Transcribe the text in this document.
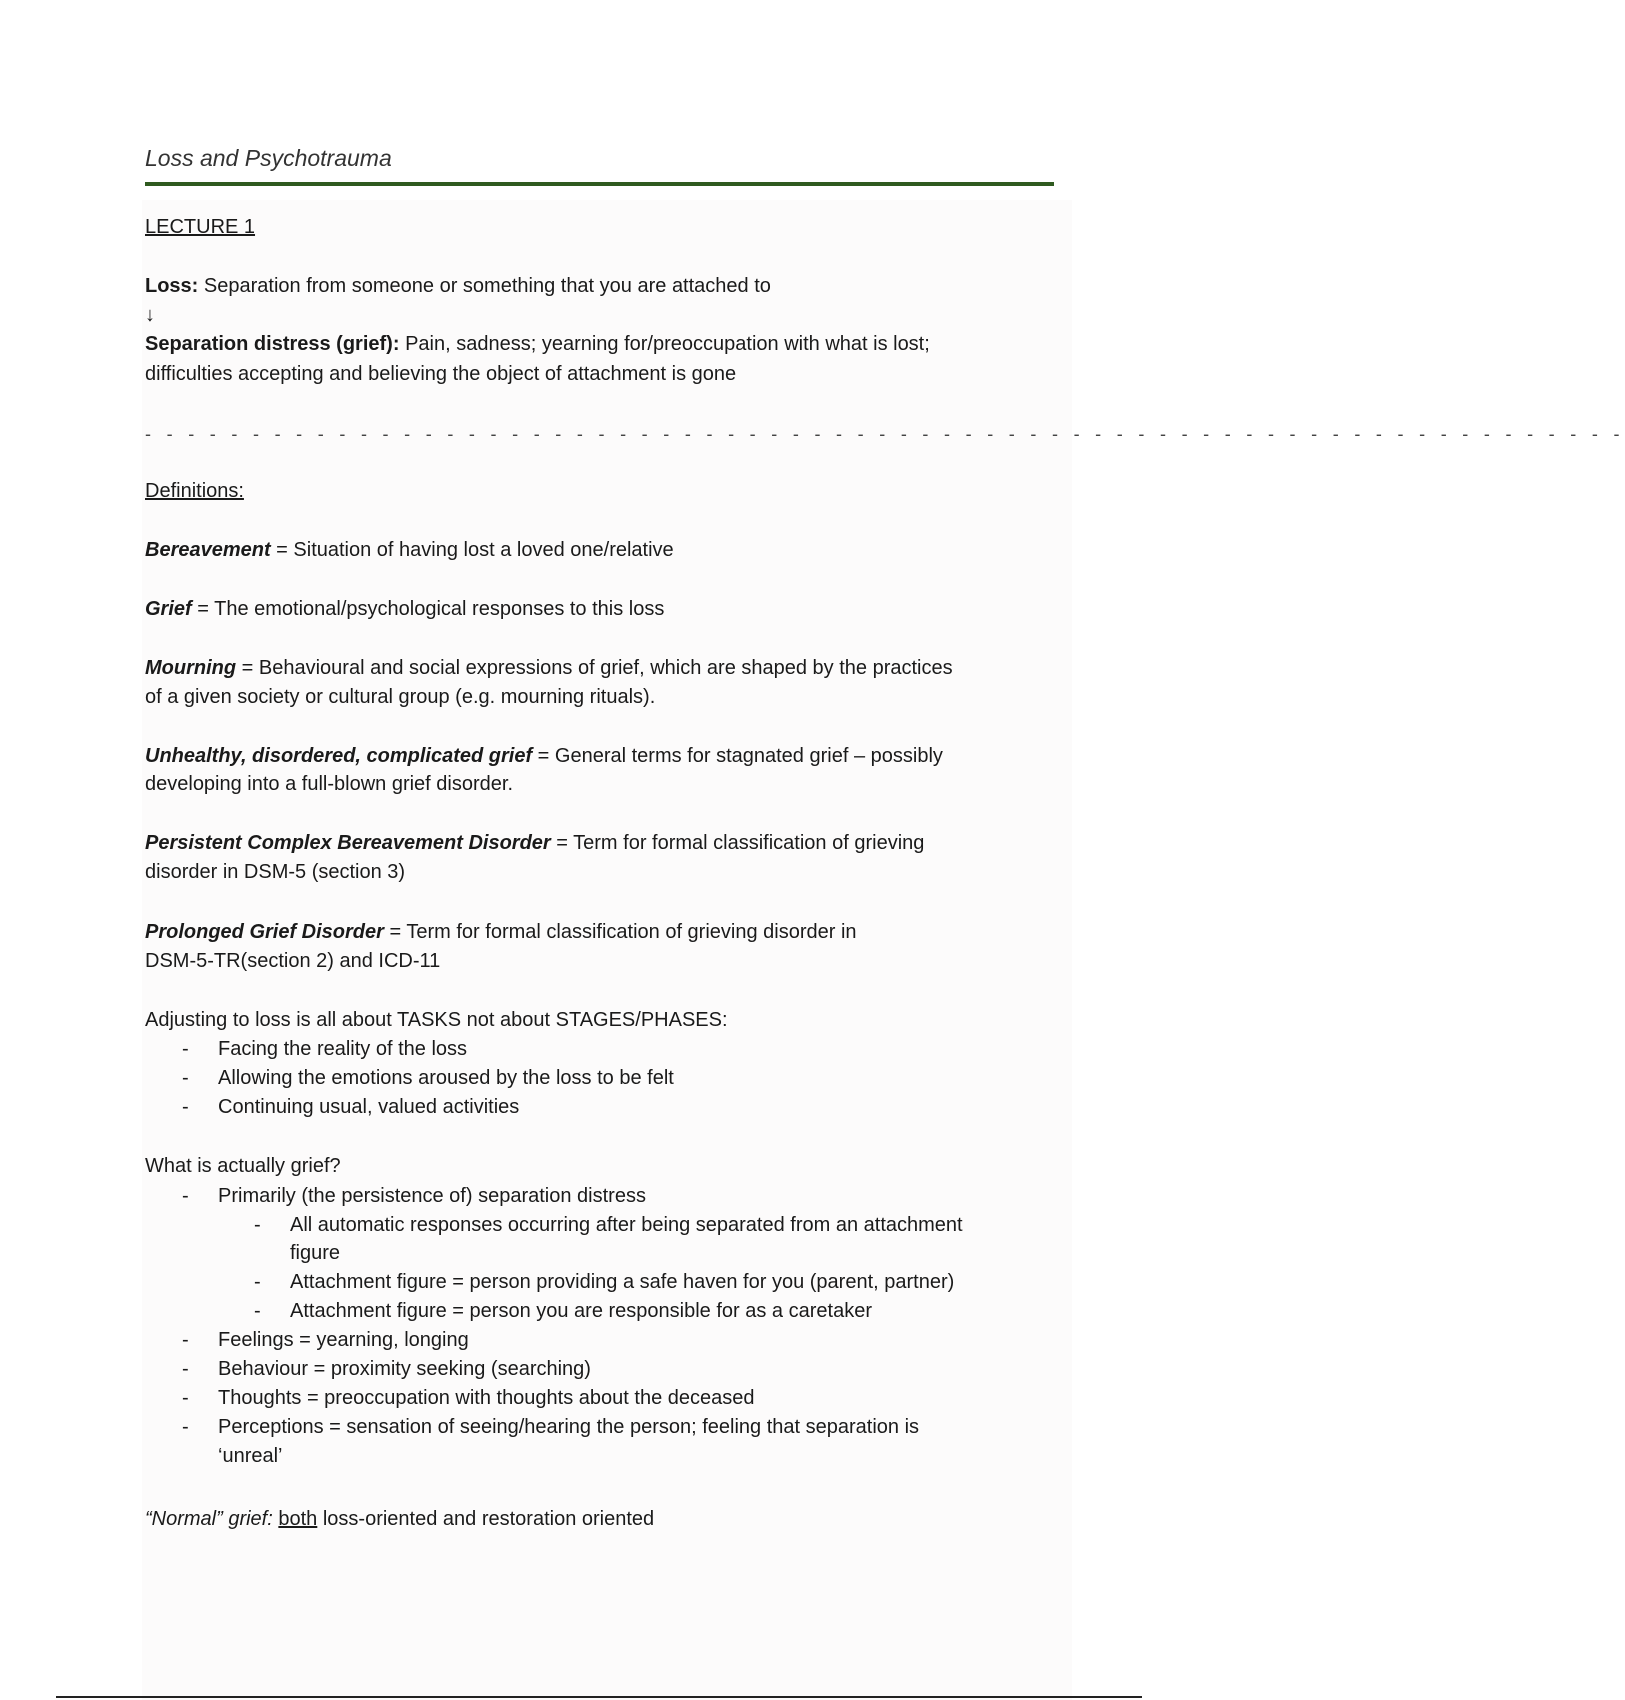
Loss and Psychotrauma
LECTURE 1
Loss: Separation from someone or something that you are attached to
↓
Separation distress (grief): Pain, sadness; yearning for/preoccupation with what is lost;
difficulties accepting and believing the object of attachment is gone
- - - - - - - - - - - - - - - - - - - - - - - - - - - - - - - - - - - - - - - - - - - - - - - - - - - - - - - - - - - - - - - - - - - - -
Definitions:
Bereavement = Situation of having lost a loved one/relative
Grief = The emotional/psychological responses to this loss
Mourning = Behavioural and social expressions of grief, which are shaped by the practices
of a given society or cultural group (e.g. mourning rituals).
Unhealthy, disordered, complicated grief = General terms for stagnated grief – possibly
developing into a full-blown grief disorder.
Persistent Complex Bereavement Disorder = Term for formal classification of grieving
disorder in DSM-5 (section 3)
Prolonged Grief Disorder = Term for formal classification of grieving disorder in
DSM-5-TR(section 2) and ICD-11
Adjusting to loss is all about TASKS not about STAGES/PHASES:
- Facing the reality of the loss
- Allowing the emotions aroused by the loss to be felt
- Continuing usual, valued activities
What is actually grief?
- Primarily (the persistence of) separation distress
- All automatic responses occurring after being separated from an attachment
figure
- Attachment figure = person providing a safe haven for you (parent, partner)
- Attachment figure = person you are responsible for as a caretaker
- Feelings = yearning, longing
- Behaviour = proximity seeking (searching)
- Thoughts = preoccupation with thoughts about the deceased
- Perceptions = sensation of seeing/hearing the person; feeling that separation is
‘unreal’
“Normal” grief: both loss-oriented and restoration oriented
